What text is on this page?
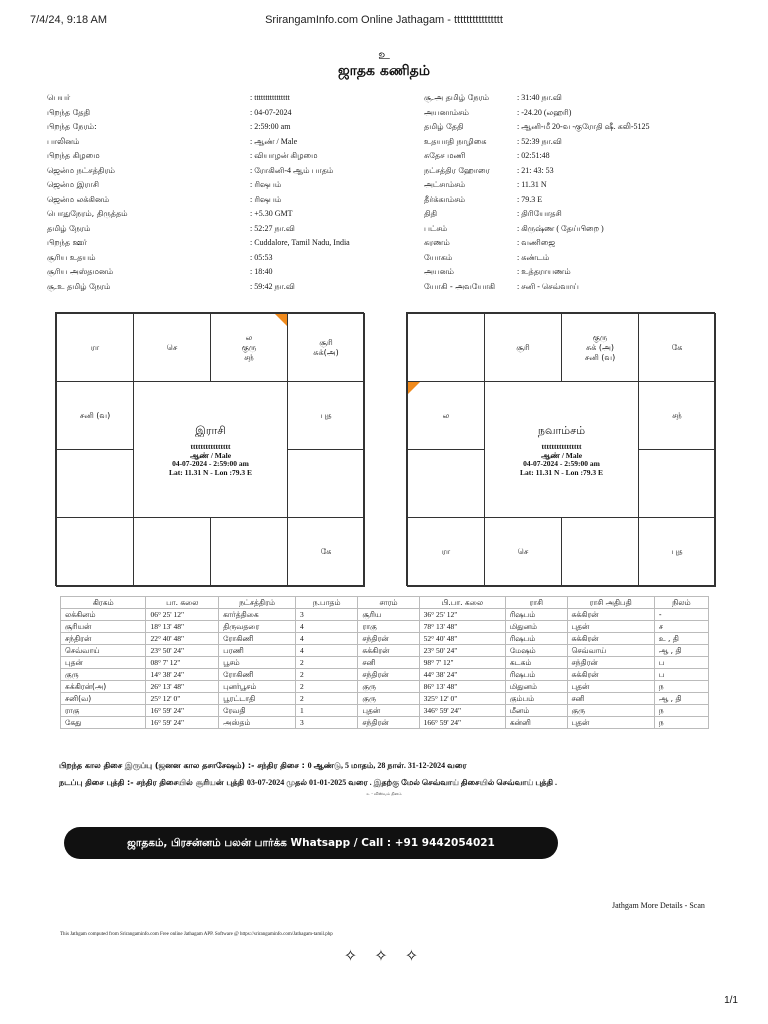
7/4/24, 9:18 AM	SrirangamInfo.com Online Jathagam - tttttttttttttttt
உ
ஜாதக கணிதம்
பெயர்	: tttttttttttttttt
பிறந்த தேதி	: 04-07-2024
பிறந்த நேரம்:	: 2:59:00 am
பாலினம்	: ஆண் / Male
பிறந்த கிழமை	: வியாழன் கிழமை
ஜென்ம நட்சத்திரம்	: ரோகினி-4 ஆம் பாதம்
ஜென்ம இராசி	: ரிஷபம்
ஜென்ம லக்கினம்	: ரிஷபம்
பொதுநேரம், திருத்தம்	: +5.30 GMT
தமிழ் நேரம்	: 52:27 நா.வி
பிறந்த ஊர்	: Cuddalore, Tamil Nadu, India
சூரிய உதயம்	: 05:53
சூரிய அஸ்தமனம்	: 18:40
சூ.உ தமிழ் நேரம்	: 59:42 நா.வி
சூ.அ தமிழ் நேரம்	: 31:40 நா.வி
அயனாம்சம்	: -24.20 (லஹரி)
தமிழ் தேதி	: ஆனி-மீ 20-வ -குரோதி ஷீ. கலி-5125
உதயாதி நாழிகை	: 52:39 நா.வி
சுதேச மணி	: 02:51:48
நட்சத்திர ஹோரை	: 21: 43: 53
அட்சாம்சம்	: 11.31 N
தீர்க்காம்சம்	: 79.3 E
திதி	: திரியோதசி
பட்சம்	: கிருஷ்ண ( தேய்பிறை )
கரணம்	: வணிஜை
யோகம்	: கண்டம்
அயனம்	: உத்தராயணம்
யோகி - அவயோகி	: சனி - செவ்வாய்
ரா	செ
ல
குரு
சந்
சூரி
சுக்(அ)
சனி (வ)	புத
கே
இராசி
tttttttttttttttt
ஆண் / Male
04-07-2024 - 2:59:00 am
Lat: 11.31 N - Lon :79.3 E
சூரி
குரு
சுக் (அ)
சனி (வ)
கே
ல	சந்
ரா	செ	புத
நவாம்சம்
tttttttttttttttt
ஆண் / Male
04-07-2024 - 2:59:00 am
Lat: 11.31 N - Lon :79.3 E
கிரகம்	பா. கலை	நட்சத்திரம்	ந.பாதம்	சாரம்	பி.பா. கலை	ராசி	ராசி அதிபதி	நிலம்
லக்கினம்	06° 25' 12"	கார்த்திகை	3	சூரிய	36° 25' 12"	ரிஷபம்	சுக்கிரன்	-
சூரியன்	18° 13' 48"	திருவதரை	4	ராகு	78° 13' 48"	மிதுனம்	புதன்	ச
சந்திரன்	22° 40' 48"	ரோகிணி	4	சந்திரன்	52° 40' 48"	ரிஷபம்	சுக்கிரன்	உ , தி
செவ்வாய்	23° 50' 24"	பரணி	4	சுக்கிரன்	23° 50' 24"	மேஷம்	செவ்வாய்	ஆ , தி
புதன்	08° 7' 12"	பூசம்	2	சனி	98° 7' 12"	கடகம்	சந்திரன்	ப
குரு	14° 38' 24"	ரோகிணி	2	சந்திரன்	44° 38' 24"	ரிஷபம்	சுக்கிரன்	ப
சுக்கிரன்(அ)	26° 13' 48"	புனர்பூசம்	2	குரு	86° 13' 48"	மிதுனம்	புதன்	ந
சனி(வ)	25° 12' 0"	பூரட்டாதி	2	குரு	325° 12' 0"	கும்பம்	சனி	ஆ , தி
ராகு	16° 59' 24"	ரேவதி	1	புதன்	346° 59' 24"	மீனம்	குரு	ந
கேது	16° 59' 24"	அஸ்தம்	3	சந்திரன்	166° 59' 24"	கன்னி	புதன்	ந
பிறந்த கால திசை இருப்பு (ஜனன கால தசாசேஷம்) :- சந்திர திசை : 0 ஆண்டு, 5 மாதம், 28 நாள். 31-12-2024 வரை
நடப்பு திசை புத்தி :- சந்திர திசையில் சூரியன் புத்தி 03-07-2024 முதல் 01-01-2025 வரை . இதற்கு மேல் செவ்வாய் திசையில் செவ்வாய் புத்தி .
உ - விஸ்வம் தினம்
ஜாதகம், பிரசன்னம் பலன் பார்க்க Whatsapp / Call : +91 9442054021
Jathgam More Details - Scan
This Jathgam computed from Srirangaminfo.com Free online Jathagam APP. Software @ https://srirangaminfo.com/Jathagam-tamil.php
✧ ✧ ✧
1/1
